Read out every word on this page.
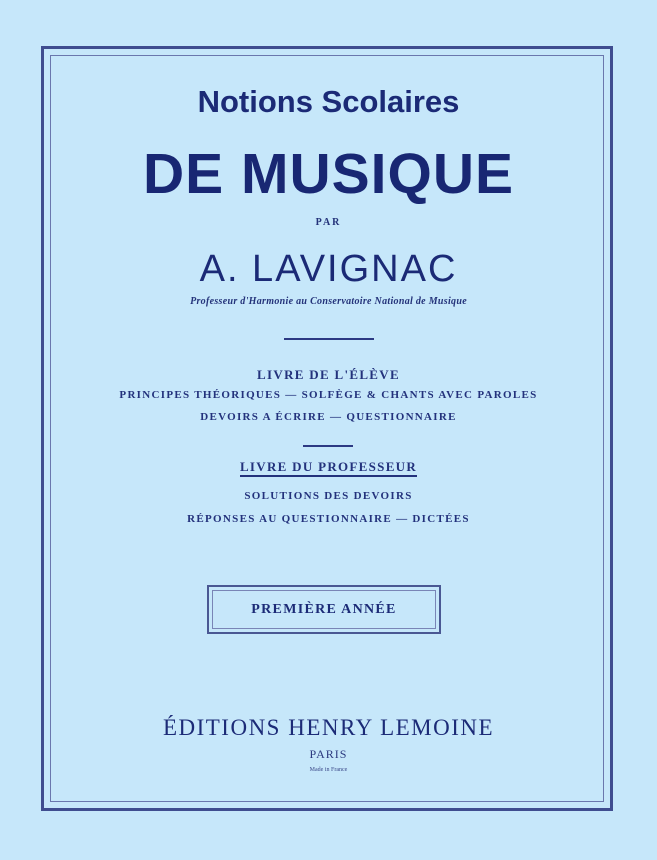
Notions Scolaires
DE MUSIQUE
PAR
A. LAVIGNAC
Professeur d'Harmonie au Conservatoire National de Musique
LIVRE DE L'ÉLÈVE
PRINCIPES THÉORIQUES — SOLFÈGE & CHANTS AVEC PAROLES
DEVOIRS A ÉCRIRE — QUESTIONNAIRE
LIVRE DU PROFESSEUR
SOLUTIONS DES DEVOIRS
RÉPONSES AU QUESTIONNAIRE — DICTÉES
PREMIÈRE ANNÉE
ÉDITIONS HENRY LEMOINE
PARIS
Made in France
